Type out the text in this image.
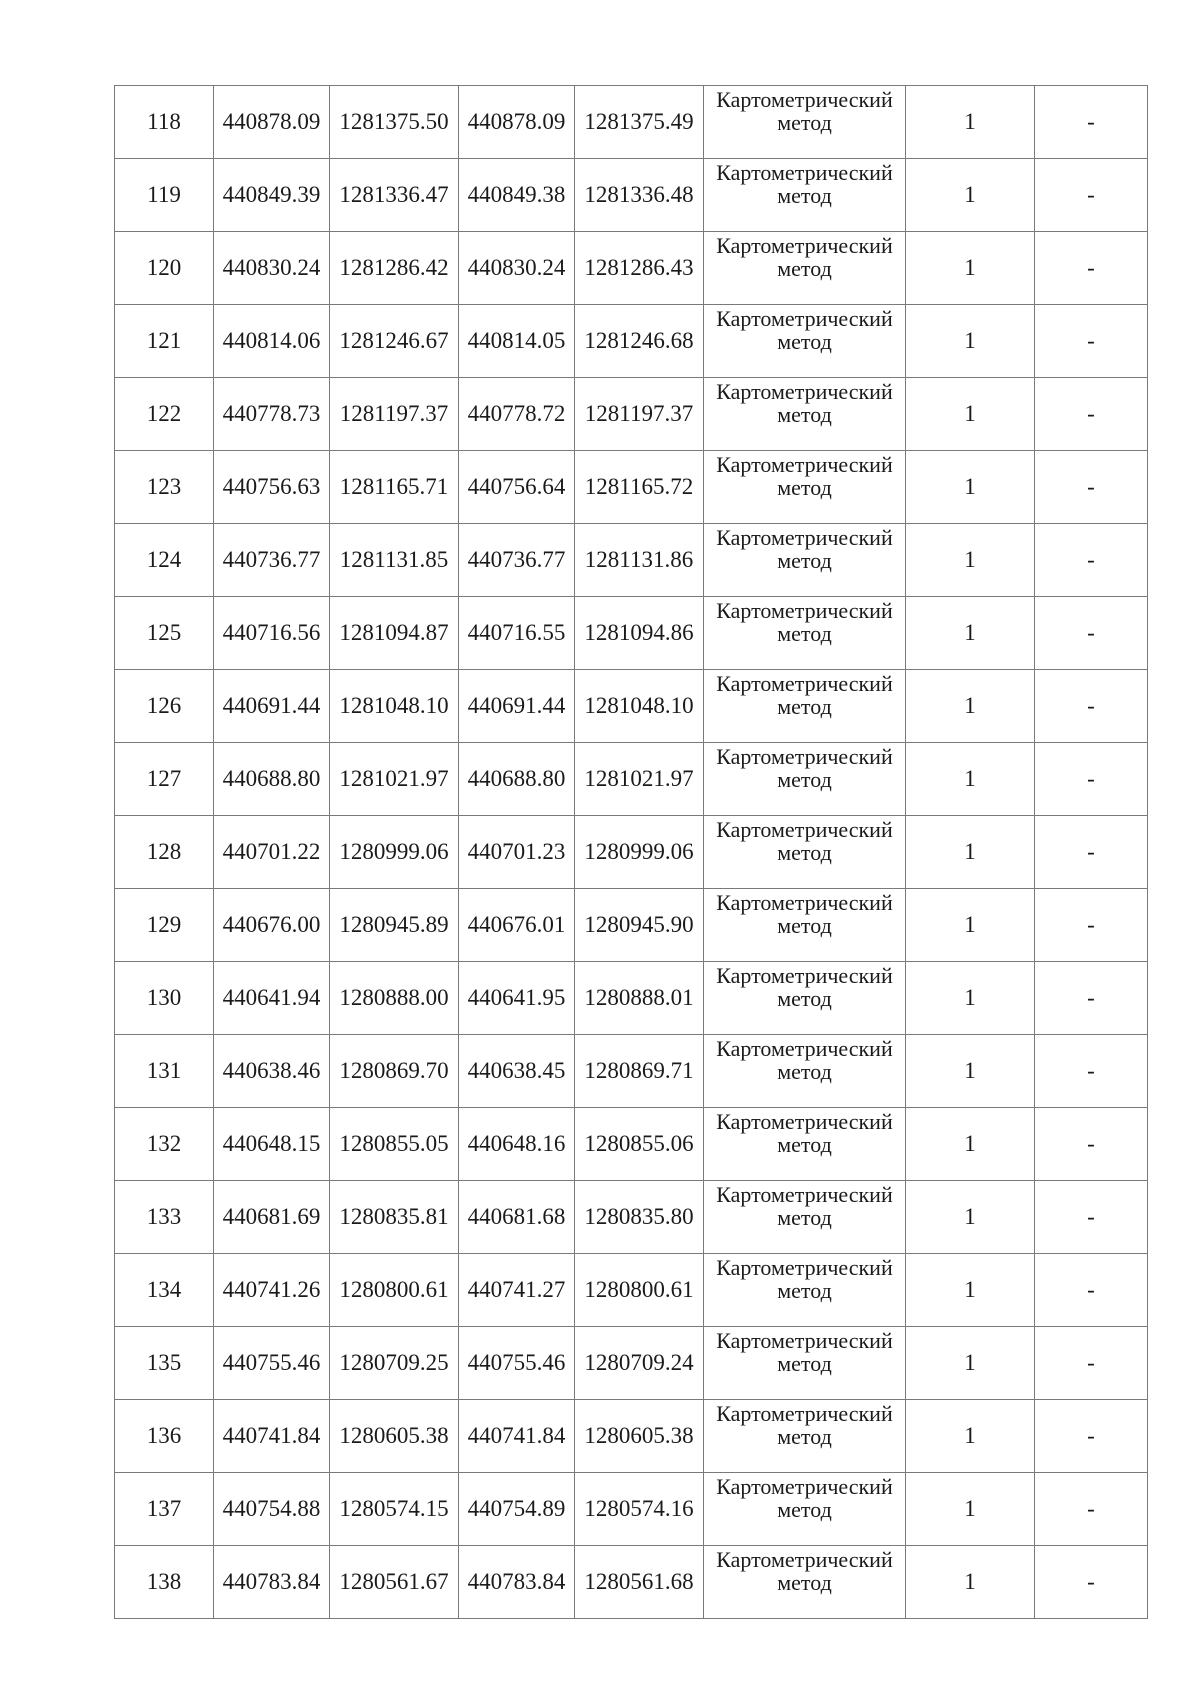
118	440878.09	1281375.50	440878.09	1281375.49	Картометрический
метод	1	-
119	440849.39	1281336.47	440849.38	1281336.48	Картометрический
метод	1	-
120	440830.24	1281286.42	440830.24	1281286.43	Картометрический
метод	1	-
121	440814.06	1281246.67	440814.05	1281246.68	Картометрический
метод	1	-
122	440778.73	1281197.37	440778.72	1281197.37	Картометрический
метод	1	-
123	440756.63	1281165.71	440756.64	1281165.72	Картометрический
метод	1	-
124	440736.77	1281131.85	440736.77	1281131.86	Картометрический
метод	1	-
125	440716.56	1281094.87	440716.55	1281094.86	Картометрический
метод	1	-
126	440691.44	1281048.10	440691.44	1281048.10	Картометрический
метод	1	-
127	440688.80	1281021.97	440688.80	1281021.97	Картометрический
метод	1	-
128	440701.22	1280999.06	440701.23	1280999.06	Картометрический
метод	1	-
129	440676.00	1280945.89	440676.01	1280945.90	Картометрический
метод	1	-
130	440641.94	1280888.00	440641.95	1280888.01	Картометрический
метод	1	-
131	440638.46	1280869.70	440638.45	1280869.71	Картометрический
метод	1	-
132	440648.15	1280855.05	440648.16	1280855.06	Картометрический
метод	1	-
133	440681.69	1280835.81	440681.68	1280835.80	Картометрический
метод	1	-
134	440741.26	1280800.61	440741.27	1280800.61	Картометрический
метод	1	-
135	440755.46	1280709.25	440755.46	1280709.24	Картометрический
метод	1	-
136	440741.84	1280605.38	440741.84	1280605.38	Картометрический
метод	1	-
137	440754.88	1280574.15	440754.89	1280574.16	Картометрический
метод	1	-
138	440783.84	1280561.67	440783.84	1280561.68	Картометрический
метод	1	-
